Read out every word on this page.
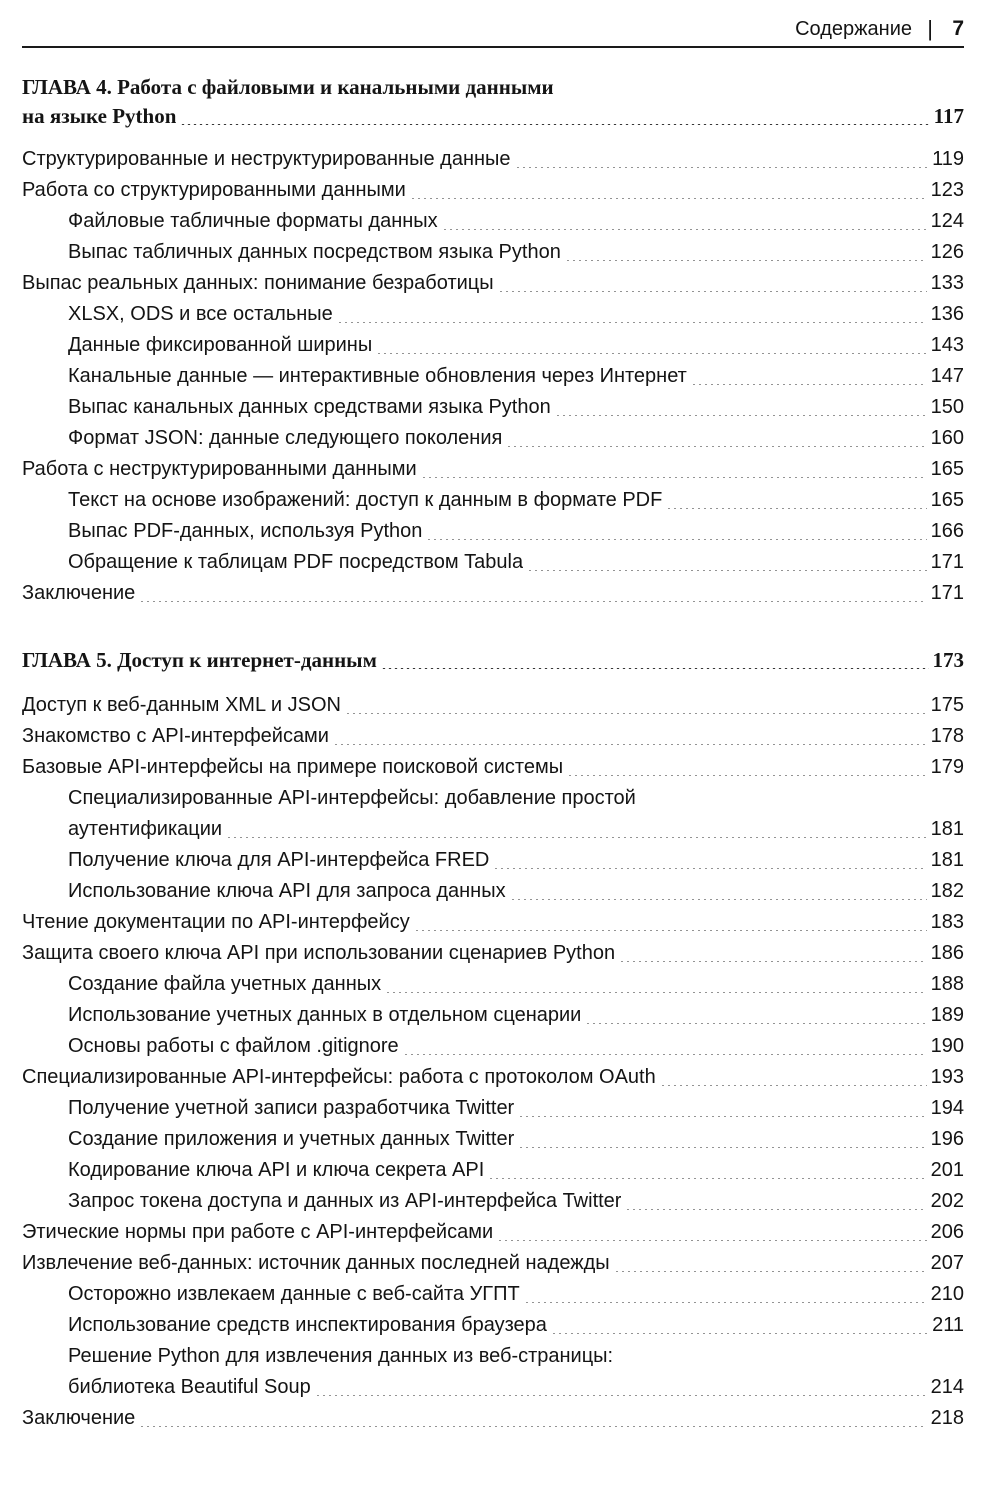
Содержание | 7
ГЛАВА 4. Работа с файловыми и канальными данными
на языке Python	117
Структурированные и неструктурированные данные	119
Работа со структурированными данными	123
Файловые табличные форматы данных	124
Выпас табличных данных посредством языка Python	126
Выпас реальных данных: понимание безработицы	133
XLSX, ODS и все остальные	136
Данные фиксированной ширины	143
Канальные данные — интерактивные обновления через Интернет	147
Выпас канальных данных средствами языка Python	150
Формат JSON: данные следующего поколения	160
Работа с неструктурированными данными	165
Текст на основе изображений: доступ к данным в формате PDF	165
Выпас PDF-данных, используя Python	166
Обращение к таблицам PDF посредством Tabula	171
Заключение	171
ГЛАВА 5. Доступ к интернет-данным	173
Доступ к веб-данным XML и JSON	175
Знакомство с API-интерфейсами	178
Базовые API-интерфейсы на примере поисковой системы	179
Специализированные API-интерфейсы: добавление простой
аутентификации	181
Получение ключа для API-интерфейса FRED	181
Использование ключа API для запроса данных	182
Чтение документации по API-интерфейсу	183
Защита своего ключа API при использовании сценариев Python	186
Создание файла учетных данных	188
Использование учетных данных в отдельном сценарии	189
Основы работы с файлом .gitignore	190
Специализированные API-интерфейсы: работа с протоколом OAuth	193
Получение учетной записи разработчика Twitter	194
Создание приложения и учетных данных Twitter	196
Кодирование ключа API и ключа секрета API	201
Запрос токена доступа и данных из API-интерфейса Twitter	202
Этические нормы при работе с API-интерфейсами	206
Извлечение веб-данных: источник данных последней надежды	207
Осторожно извлекаем данные с веб-сайта УГПТ	210
Использование средств инспектирования браузера	211
Решение Python для извлечения данных из веб-страницы:
библиотека Beautiful Soup	214
Заключение	218
